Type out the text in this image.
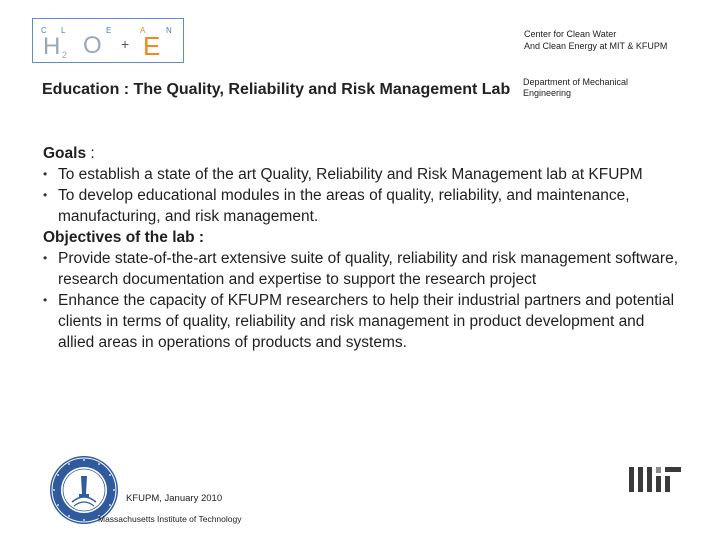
C L	E	A	N
H 2 O + E	Center for Clean Water
And Clean Energy at MIT & KFUPM
Education : The Quality, Reliability and Risk Management Lab	Department of Mechanical
Engineering

Goals :

• To establish a state of the art Quality, Reliability and Risk Management lab at KFUPM
• To develop educational modules in the areas of quality, reliability, and maintenance, manufacturing, and risk management.

Objectives of the lab :

• Provide state-of-the-art extensive suite of quality, reliability and risk management software, research documentation and expertise to support the research project
• Enhance the capacity of KFUPM researchers to help their industrial partners and potential clients in terms of quality, reliability and risk management in product development and allied areas in operations of products and systems.
KFUPM, January 2010
Massachusetts Institute of Technology
